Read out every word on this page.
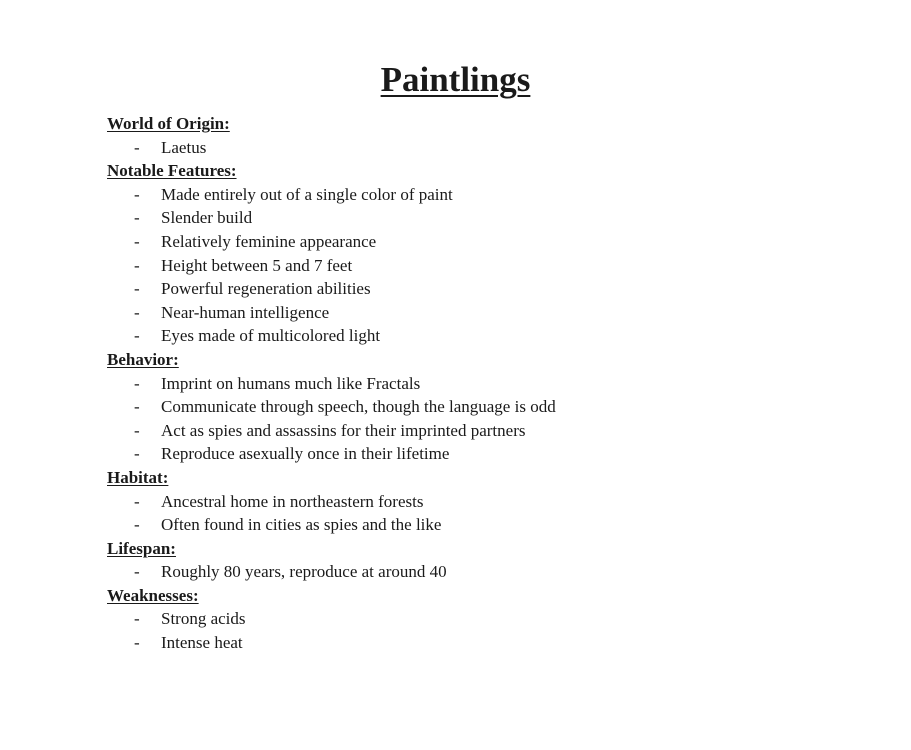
Paintlings
World of Origin:
- Laetus
Notable Features:
- Made entirely out of a single color of paint
- Slender build
- Relatively feminine appearance
- Height between 5 and 7 feet
- Powerful regeneration abilities
- Near-human intelligence
- Eyes made of multicolored light
Behavior:
- Imprint on humans much like Fractals
- Communicate through speech, though the language is odd
- Act as spies and assassins for their imprinted partners
- Reproduce asexually once in their lifetime
Habitat:
- Ancestral home in northeastern forests
- Often found in cities as spies and the like
Lifespan:
- Roughly 80 years, reproduce at around 40
Weaknesses:
- Strong acids
- Intense heat
